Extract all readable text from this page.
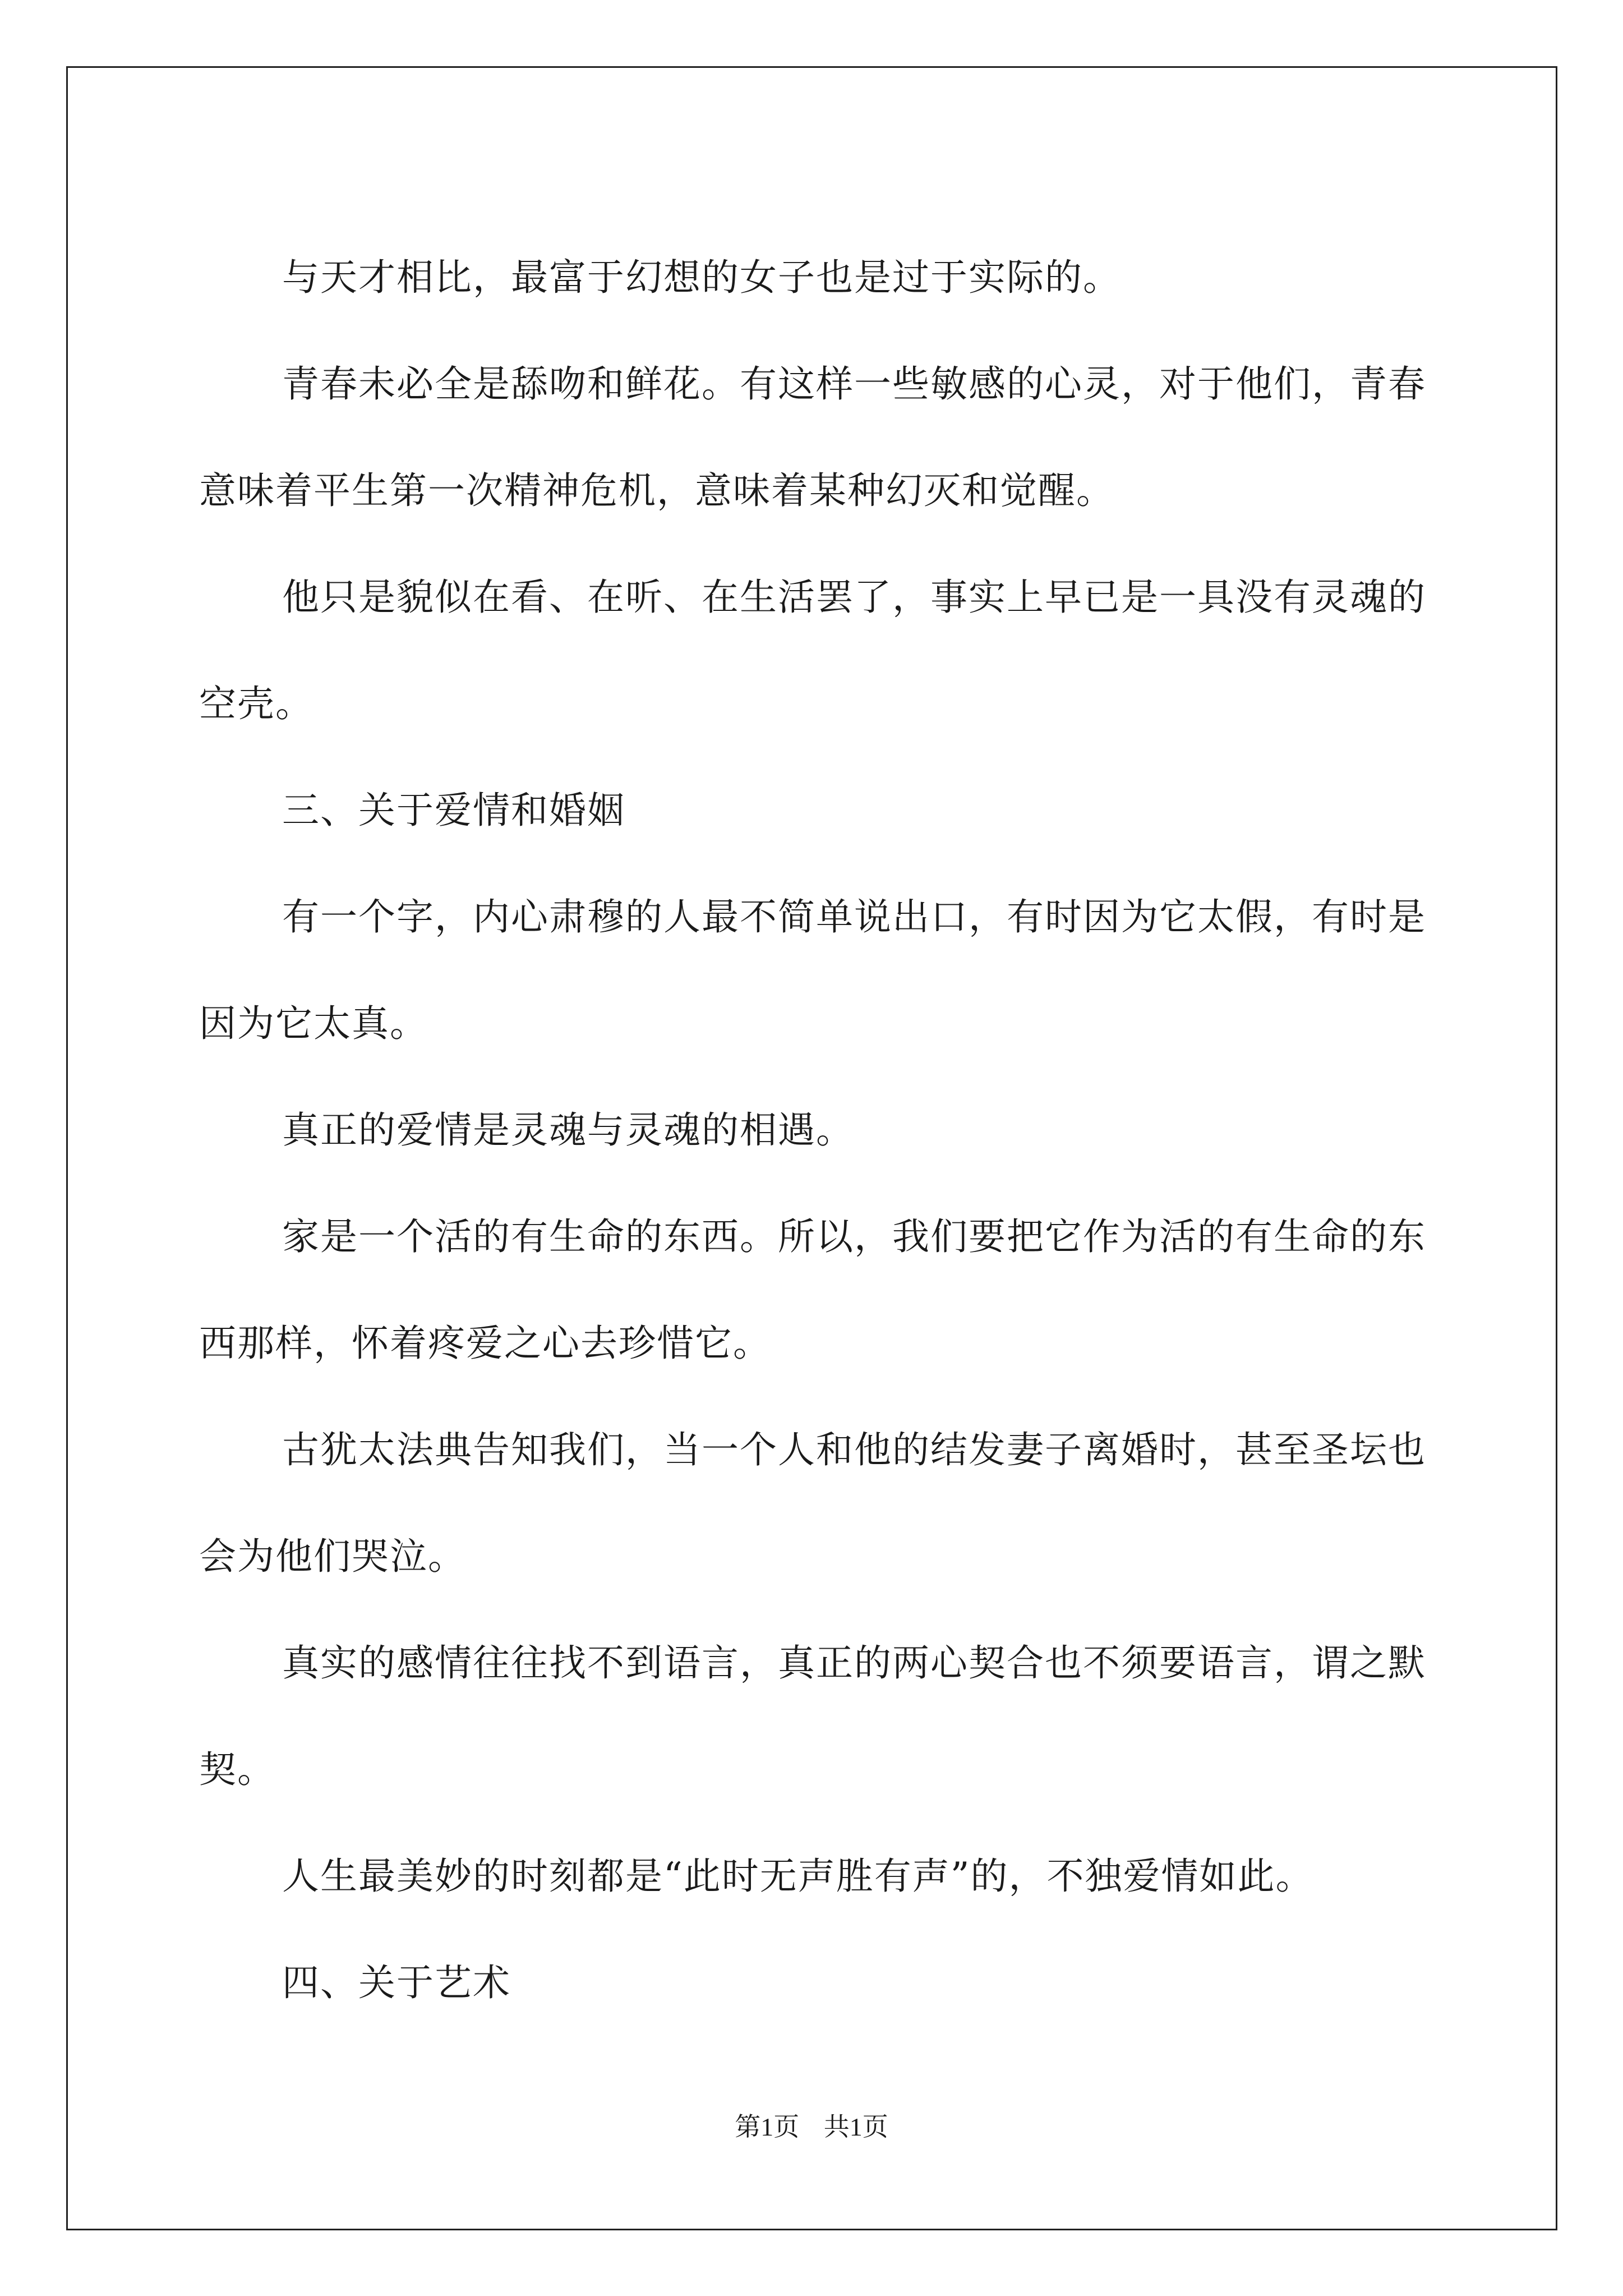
与天才相比，最富于幻想的女子也是过于实际的。

青春未必全是舔吻和鲜花。有这样一些敏感的心灵，对于他们，青春意味着平生第一次精神危机，意味着某种幻灭和觉醒。

他只是貌似在看、在听、在生活罢了，事实上早已是一具没有灵魂的空壳。

三、关于爱情和婚姻

有一个字，内心肃穆的人最不简单说出口，有时因为它太假，有时是因为它太真。

真正的爱情是灵魂与灵魂的相遇。

家是一个活的有生命的东西。所以，我们要把它作为活的有生命的东西那样，怀着疼爱之心去珍惜它。

古犹太法典告知我们，当一个人和他的结发妻子离婚时，甚至圣坛也会为他们哭泣。

真实的感情往往找不到语言，真正的两心契合也不须要语言，谓之默契。

人生最美妙的时刻都是“此时无声胜有声”的，不独爱情如此。

四、关于艺术

第1页 共1页
